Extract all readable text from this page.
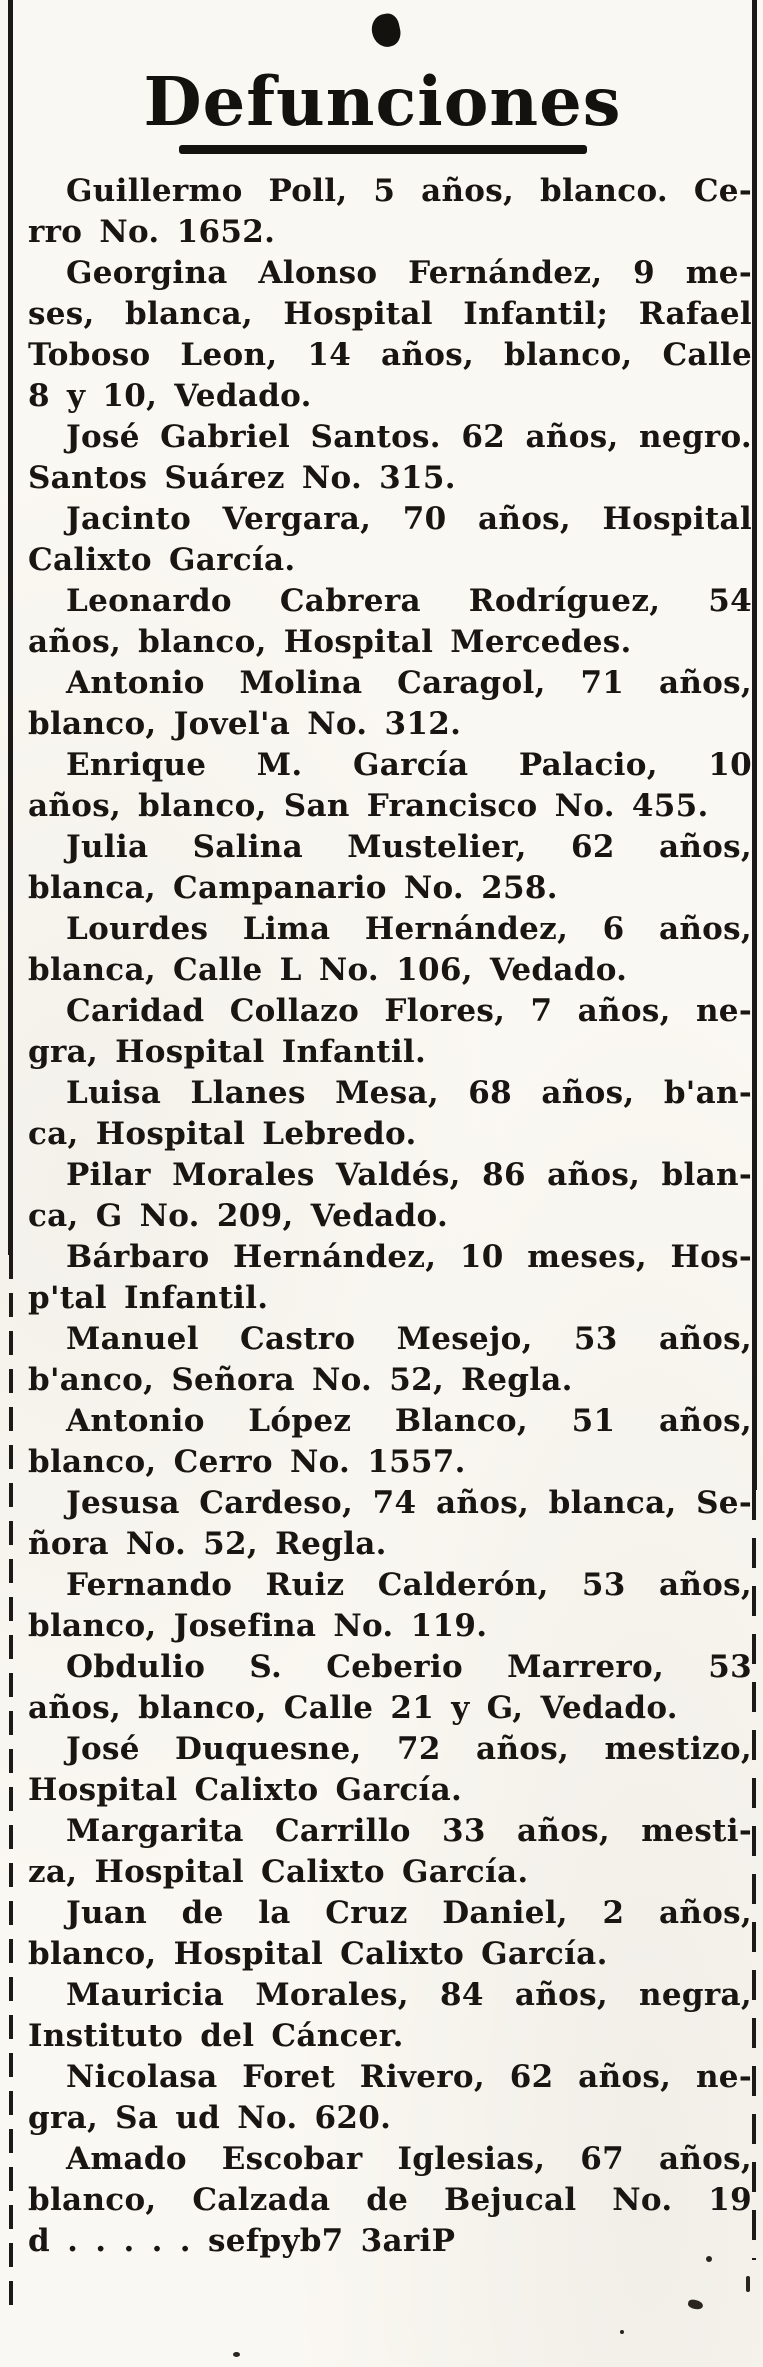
Defunciones
Guillermo Poll, 5 años, blanco. Ce-
rro No. 1652.
Georgina Alonso Fernández, 9 me-
ses, blanca, Hospital Infantil; Rafael
Toboso Leon, 14 años, blanco, Calle
8 y 10, Vedado.
José Gabriel Santos. 62 años, negro.
Santos Suárez No. 315.
Jacinto Vergara, 70 años, Hospital
Calixto García.
Leonardo Cabrera Rodríguez, 54
años, blanco, Hospital Mercedes.
Antonio Molina Caragol, 71 años,
blanco, Jovel'a No. 312.
Enrique M. García Palacio, 10
años, blanco, San Francisco No. 455.
Julia Salina Mustelier, 62 años,
blanca, Campanario No. 258.
Lourdes Lima Hernández, 6 años,
blanca, Calle L No. 106, Vedado.
Caridad Collazo Flores, 7 años, ne-
gra, Hospital Infantil.
Luisa Llanes Mesa, 68 años, b'an-
ca, Hospital Lebredo.
Pilar Morales Valdés, 86 años, blan-
ca, G No. 209, Vedado.
Bárbaro Hernández, 10 meses, Hos-
p'tal Infantil.
Manuel Castro Mesejo, 53 años,
b'anco, Señora No. 52, Regla.
Antonio López Blanco, 51 años,
blanco, Cerro No. 1557.
Jesusa Cardeso, 74 años, blanca, Se-
ñora No. 52, Regla.
Fernando Ruiz Calderón, 53 años,
blanco, Josefina No. 119.
Obdulio S. Ceberio Marrero, 53
años, blanco, Calle 21 y G, Vedado.
José Duquesne, 72 años, mestizo,
Hospital Calixto García.
Margarita Carrillo 33 años, mesti-
za, Hospital Calixto García.
Juan de la Cruz Daniel, 2 años,
blanco, Hospital Calixto García.
Mauricia Morales, 84 años, negra,
Instituto del Cáncer.
Nicolasa Foret Rivero, 62 años, ne-
gra, Sa ud No. 620.
Amado Escobar Iglesias, 67 años,
blanco, Calzada de Bejucal No. 19
d . . . . . sefpyb7 3ariP
